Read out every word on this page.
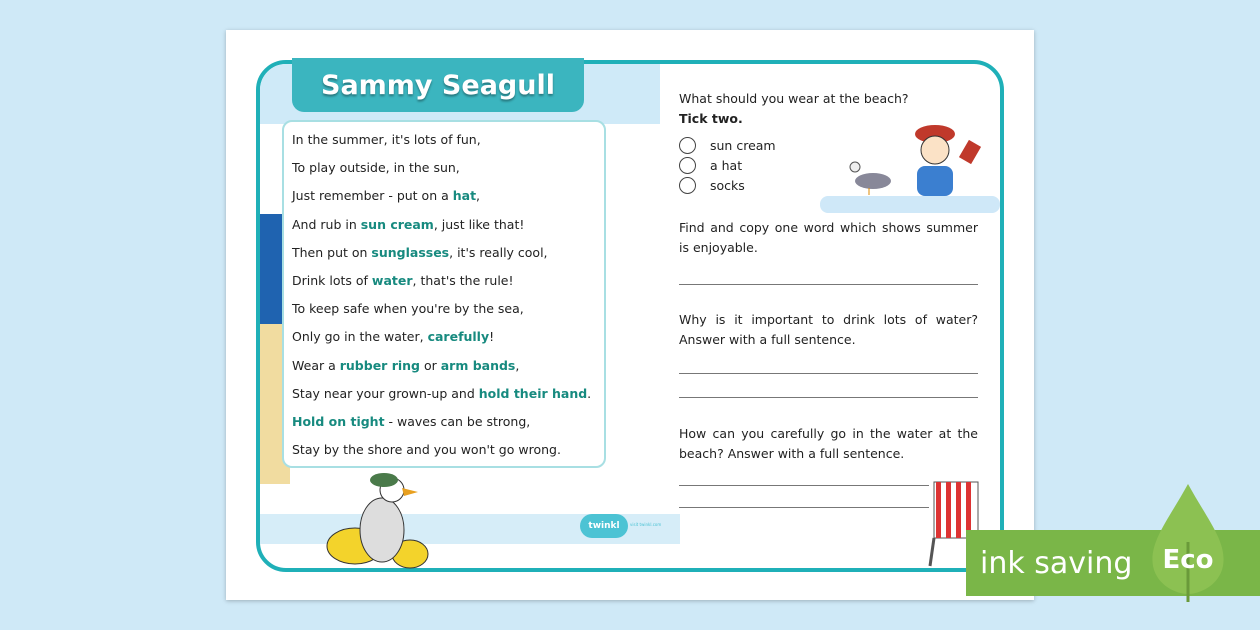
Sammy Seagull
In the summer, it's lots of fun,
To play outside, in the sun,
Just remember - put on a hat,
And rub in sun cream, just like that!
Then put on sunglasses, it's really cool,
Drink lots of water, that's the rule!
To keep safe when you're by the sea,
Only go in the water, carefully!
Wear a rubber ring or arm bands,
Stay near your grown-up and hold their hand.
Hold on tight - waves can be strong,
Stay by the shore and you won't go wrong.
What should you wear at the beach?
Tick two.
sun cream
a hat
socks
Find and copy one word which shows summer is enjoyable.
Why is it important to drink lots of water? Answer with a full sentence.
How can you carefully go in the water at the beach? Answer with a full sentence.
twinkl	visit twinkl.com
ink saving Eco
